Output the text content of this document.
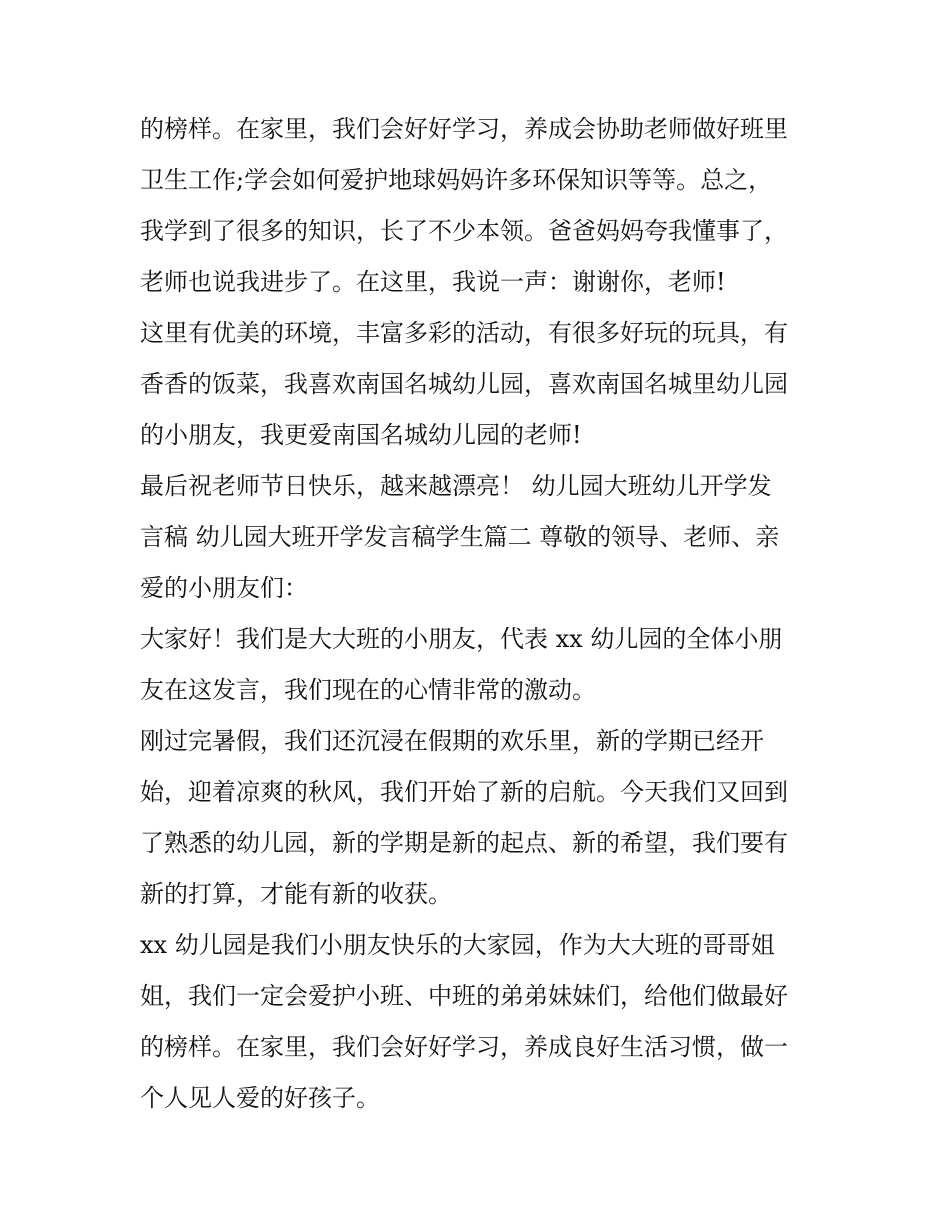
的榜样。在家里，我们会好好学习，养成会协助老师做好班里
卫生工作;学会如何爱护地球妈妈许多环保知识等等。总之，
我学到了很多的知识，长了不少本领。爸爸妈妈夸我懂事了，
老师也说我进步了。在这里，我说一声：谢谢你，老师!
这里有优美的环境，丰富多彩的活动，有很多好玩的玩具，有
香香的饭菜，我喜欢南国名城幼儿园，喜欢南国名城里幼儿园
的小朋友，我更爱南国名城幼儿园的老师!
最后祝老师节日快乐，越来越漂亮！ 幼儿园大班幼儿开学发
言稿 幼儿园大班开学发言稿学生篇二 尊敬的领导、老师、亲
爱的小朋友们：
大家好！我们是大大班的小朋友，代表 xx 幼儿园的全体小朋
友在这发言，我们现在的心情非常的激动。
刚过完暑假，我们还沉浸在假期的欢乐里，新的学期已经开
始，迎着凉爽的秋风，我们开始了新的启航。今天我们又回到
了熟悉的幼儿园，新的学期是新的起点、新的希望，我们要有
新的打算，才能有新的收获。
xx 幼儿园是我们小朋友快乐的大家园，作为大大班的哥哥姐
姐，我们一定会爱护小班、中班的弟弟妹妹们，给他们做最好
的榜样。在家里，我们会好好学习，养成良好生活习惯，做一
个人见人爱的好孩子。
